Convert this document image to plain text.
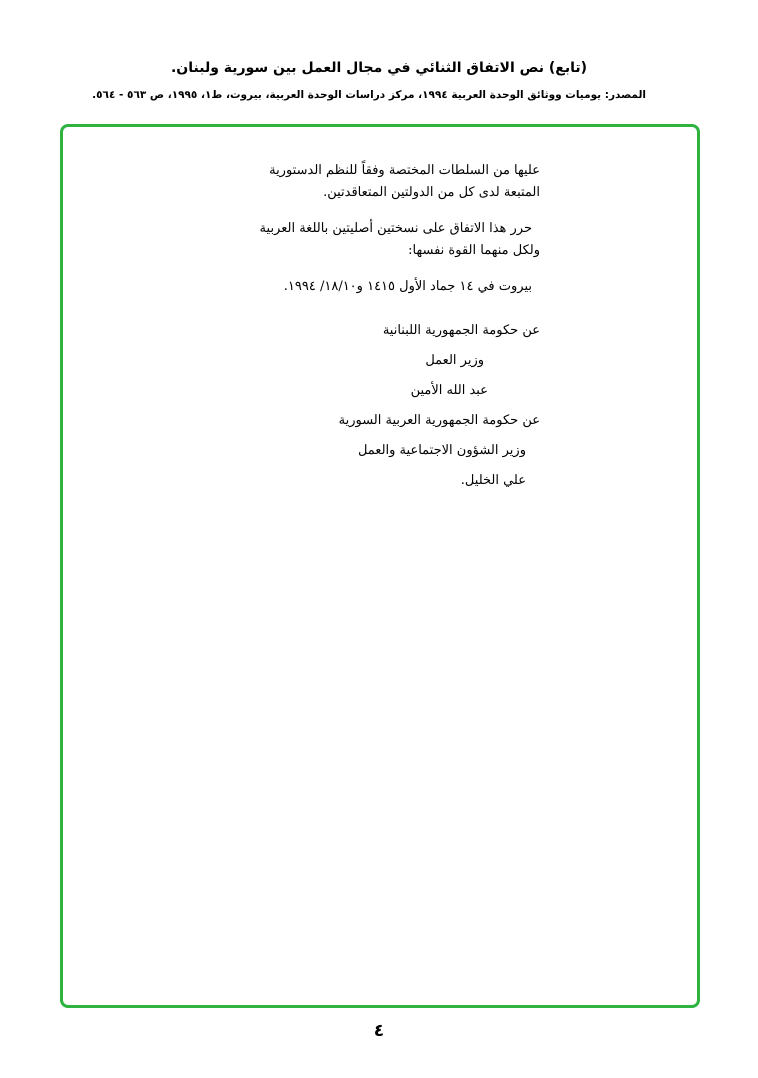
(تابع) نص الاتفاق الثنائي في مجال العمل بين سورية ولبنان.
المصدر: يوميات ووثائق الوحدة العربية ١٩٩٤، مركز دراسات الوحدة العربية، بيروت، ط١، ١٩٩٥، ص ٥٦٣ - ٥٦٤.

عليها من السلطات المختصة وفقاً للنظم الدستورية المتبعة لدى كل من الدولتين المتعاقدتين.

حرر هذا الاتفاق على نسختين أصليتين باللغة العربية ولكل منهما القوة نفسها:

بيروت في ١٤ جماد الأول ١٤١٥ و١٨/١٠/ ١٩٩٤.

عن حكومة الجمهورية اللبنانية

وزير العمل

عبد الله الأمين

عن حكومة الجمهورية العربية السورية

وزير الشؤون الاجتماعية والعمل

علي الخليل.

٤
